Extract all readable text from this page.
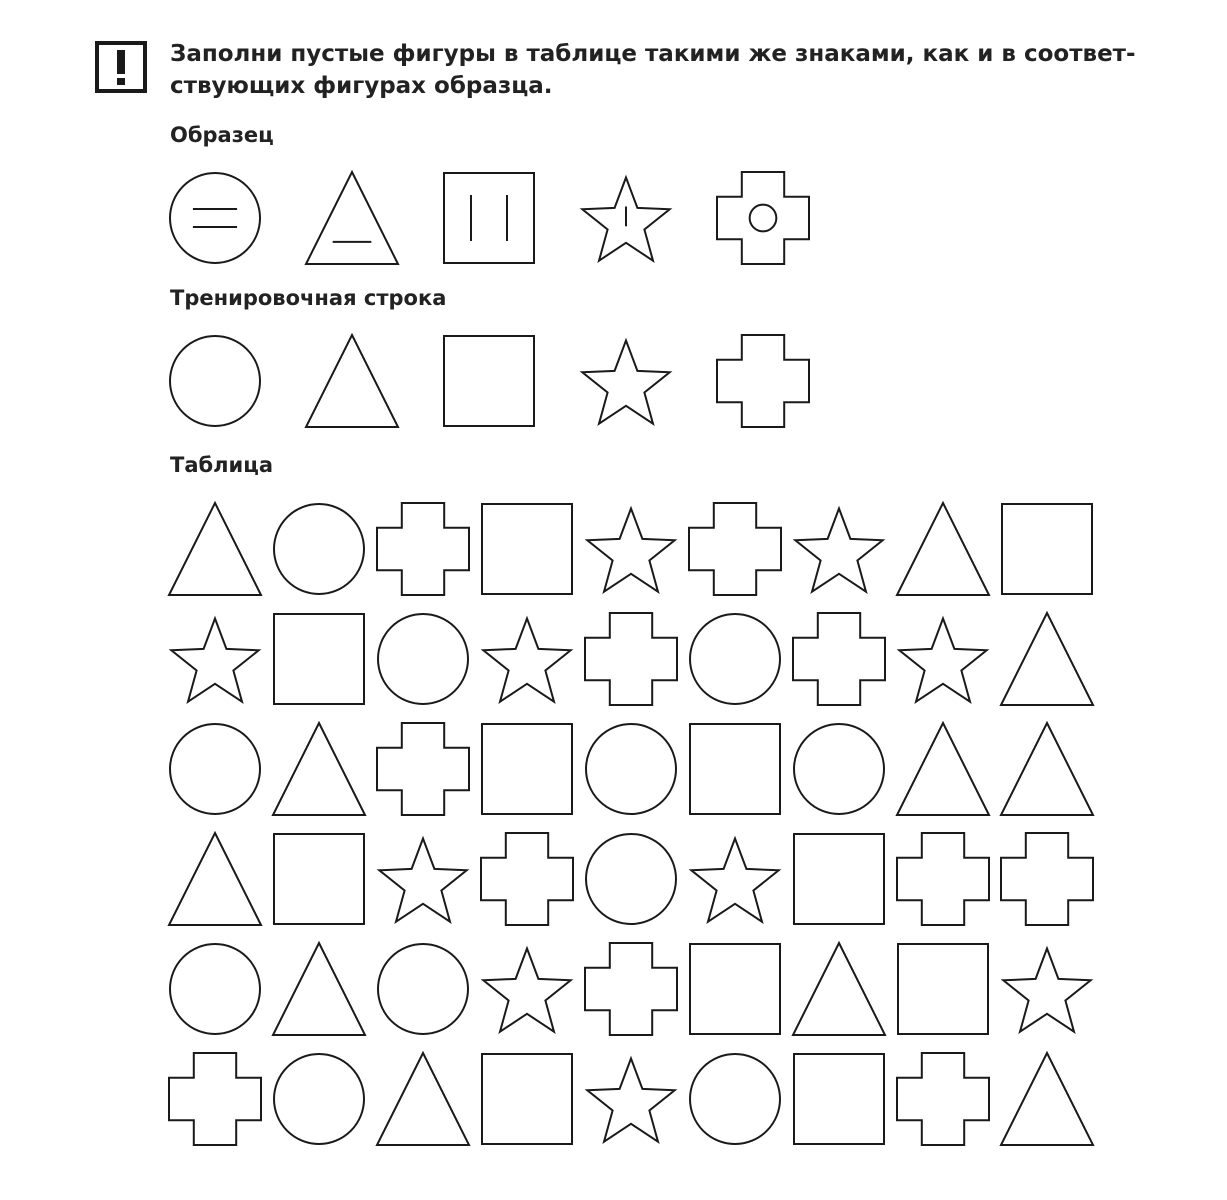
Заполни пустые фигуры в таблице такими же знаками, как и в соответ-
ствующих фигурах образца.
Образец
Тренировочная строка
Таблица
